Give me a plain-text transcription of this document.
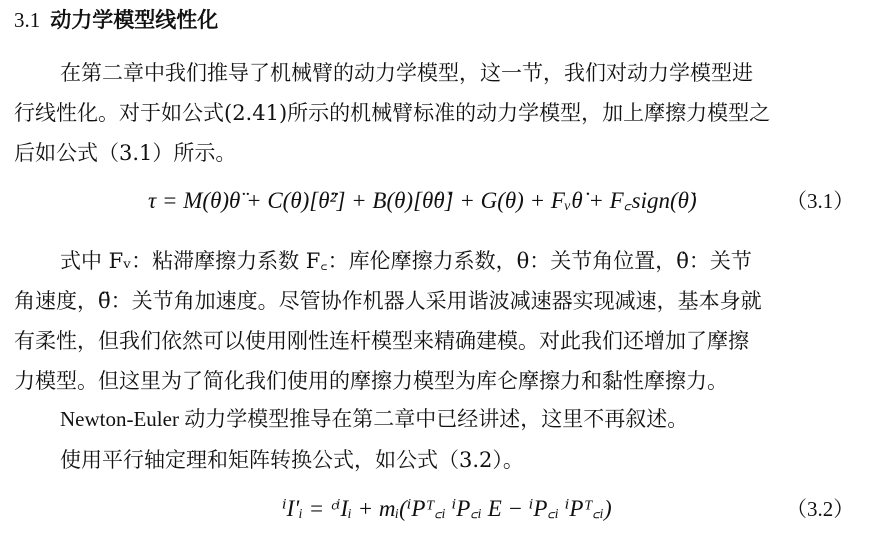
3.1 动力学模型线性化
在第二章中我们推导了机械臂的动力学模型，这一节，我们对动力学模型进
行线性化。对于如公式(2.41)所示的机械臂标准的动力学模型，加上摩擦力模型之
后如公式（3.1）所示。
τ = M(θ)θ̈ + C(θ)[θ̈²] + B(θ)[θ̇θ̇] + G(θ) + Fᵥθ̇ + F꜀sign(θ̇)	（3.1）
式中 Fᵥ：粘滞摩擦力系数 F꜀：库伦摩擦力系数，θ：关节角位置，θ̇：关节
角速度，θ̈：关节角加速度。尽管协作机器人采用谐波减速器实现减速，基本身就
有柔性，但我们依然可以使用刚性连杆模型来精确建模。对此我们还增加了摩擦
力模型。但这里为了简化我们使用的摩擦力模型为库仑摩擦力和黏性摩擦力。
Newton-Euler 动力学模型推导在第二章中已经讲述，这里不再叙述。
使用平行轴定理和矩阵转换公式，如公式（3.2）。
ⁱI'ᵢ = ᶜⁱIᵢ + mᵢ(ⁱPᵀ꜀ᵢ ⁱP꜀ᵢ E − ⁱP꜀ᵢ ⁱPᵀ꜀ᵢ)	（3.2）
